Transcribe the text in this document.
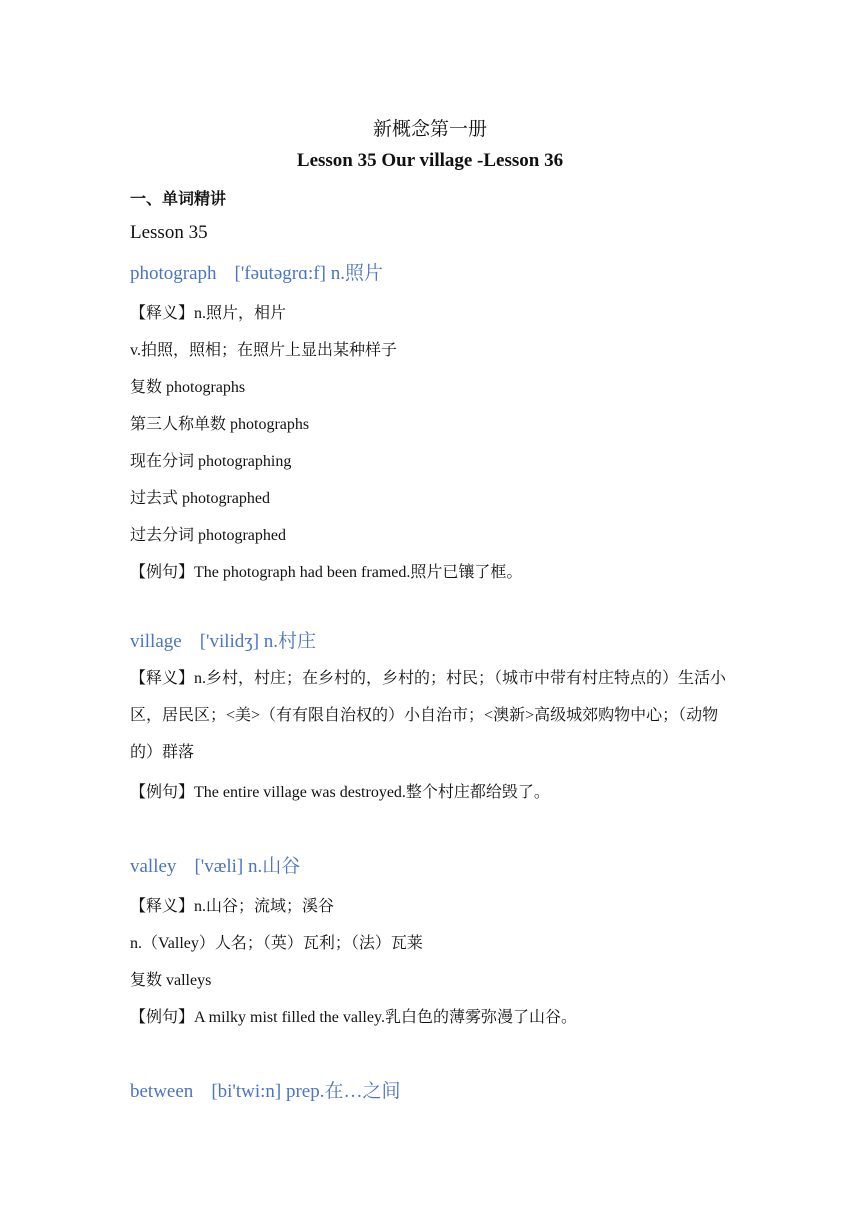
新概念第一册
Lesson 35 Our village -Lesson 36
一、单词精讲
Lesson 35
photograph ['fəutəgrɑ:f] n.照片
【释义】n.照片，相片
v.拍照，照相；在照片上显出某种样子
复数 photographs
第三人称单数 photographs
现在分词 photographing
过去式 photographed
过去分词 photographed
【例句】The photograph had been framed.照片已镶了框。
village ['vilidʒ] n.村庄
【释义】n.乡村，村庄；在乡村的，乡村的；村民；（城市中带有村庄特点的）生活小区，居民区；<美>（有有限自治权的）小自治市；<澳新>高级城郊购物中心；（动物的）群落
【例句】The entire village was destroyed.整个村庄都给毁了。
valley ['væli] n.山谷
【释义】n.山谷；流域；溪谷
n.（Valley）人名；（英）瓦利；（法）瓦莱
复数 valleys
【例句】A milky mist filled the valley.乳白色的薄雾弥漫了山谷。
between [bi'twi:n] prep.在…之间
